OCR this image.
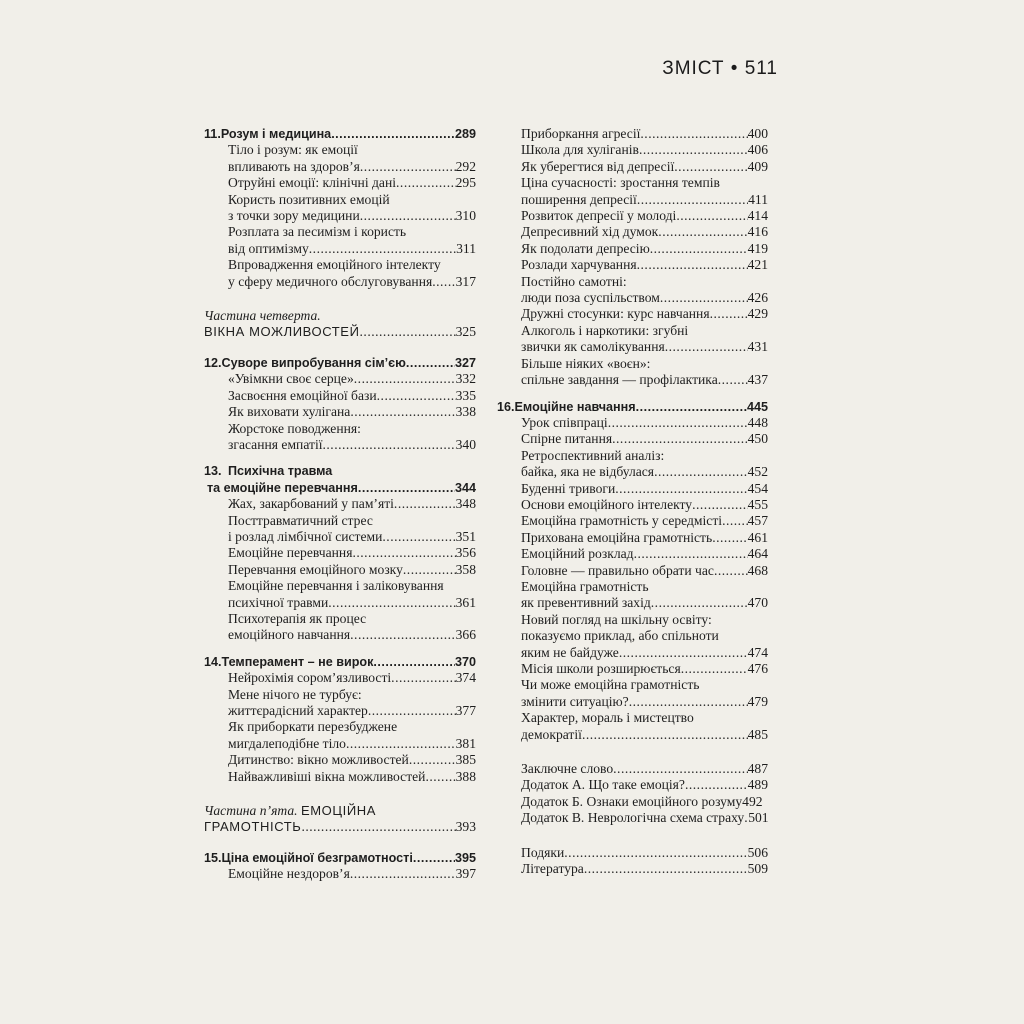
ЗМІСТ • 511
11. Розум і медицина .....	289
Тіло і розум: як емоції
впливають на здоров’я .....	292
Отруйні емоції: клінічні дані .....	295
Користь позитивних емоцій
з точки зору медицини .....	310
Розплата за песимізм і користь
від оптимізму .....	311
Впровадження емоційного інтелекту
у сферу медичного обслуговування ..... 317
Частина четверта.
ВІКНА МОЖЛИВОСТЕЙ .....	325
12. Суворе випробування сім’єю .....	327
«Увімкни своє серце» .....	332
Засвоєння емоційної бази .....	335
Як виховати хулігана .....	338
Жорстоке поводження:
згасання емпатії .....	340
13. Психічна травма
та емоційне перевчання .....	344
Жах, закарбований у пам’яті .....	348
Посттравматичний стрес
і розлад лімбічної системи .....	351
Емоційне перевчання .....	356
Перевчання емоційного мозку .....	358
Емоційне перевчання і заліковування
психічної травми .....	361
Психотерапія як процес
емоційного навчання .....	366
14. Темперамент – не вирок .....	370
Нейрохімія сором’язливості .....	374
Мене нічого не турбує:
життєрадісний характер .....	377
Як приборкати перезбуджене
мигдалеподібне тіло .....	381
Дитинство: вікно можливостей .....	385
Найважливіші вікна можливостей ..... 388
Частина п’ята. ЕМОЦІЙНА
ГРАМОТНІСТЬ .....	393
15. Ціна емоційної безграмотності .....	395
Емоційне нездоров’я .....	397
Приборкання агресії .....	400
Школа для хуліганів .....	406
Як уберегтися від депресії .....	409
Ціна сучасності: зростання темпів
поширення депресії .....	411
Розвиток депресії у молоді .....	414
Депресивний хід думок .....	416
Як подолати депресію .....	419
Розлади харчування .....	421
Постійно самотні:
люди поза суспільством .....	426
Дружні стосунки: курс навчання .....	429
Алкоголь і наркотики: згубні
звички як самолікування .....	431
Більше ніяких «воєн»:
спільне завдання — профілактика ..... 437
16. Емоційне навчання .....	445
Урок співпраці .....	448
Спірне питання .....	450
Ретроспективний аналіз:
байка, яка не відбулася .....	452
Буденні тривоги .....	454
Основи емоційного інтелекту .....	455
Емоційна грамотність у середмісті ..... 457
Прихована емоційна грамотність .....	461
Емоційний розклад .....	464
Головне — правильно обрати час ..... 468
Емоційна грамотність
як превентивний захід .....	470
Новий погляд на шкільну освіту:
показуємо приклад, або спільноти
яким не байдуже .....	474
Місія школи розширюється .....	476
Чи може емоційна грамотність
змінити ситуацію? .....	479
Характер, мораль і мистецтво
демократії .....	485
Заключне слово .....	487
Додаток А. Що таке емоція? .....	489
Додаток Б. Ознаки емоційного розуму 492
Додаток В. Неврологічна схема страху ..... 501
Подяки .....	506
Література .....	509
